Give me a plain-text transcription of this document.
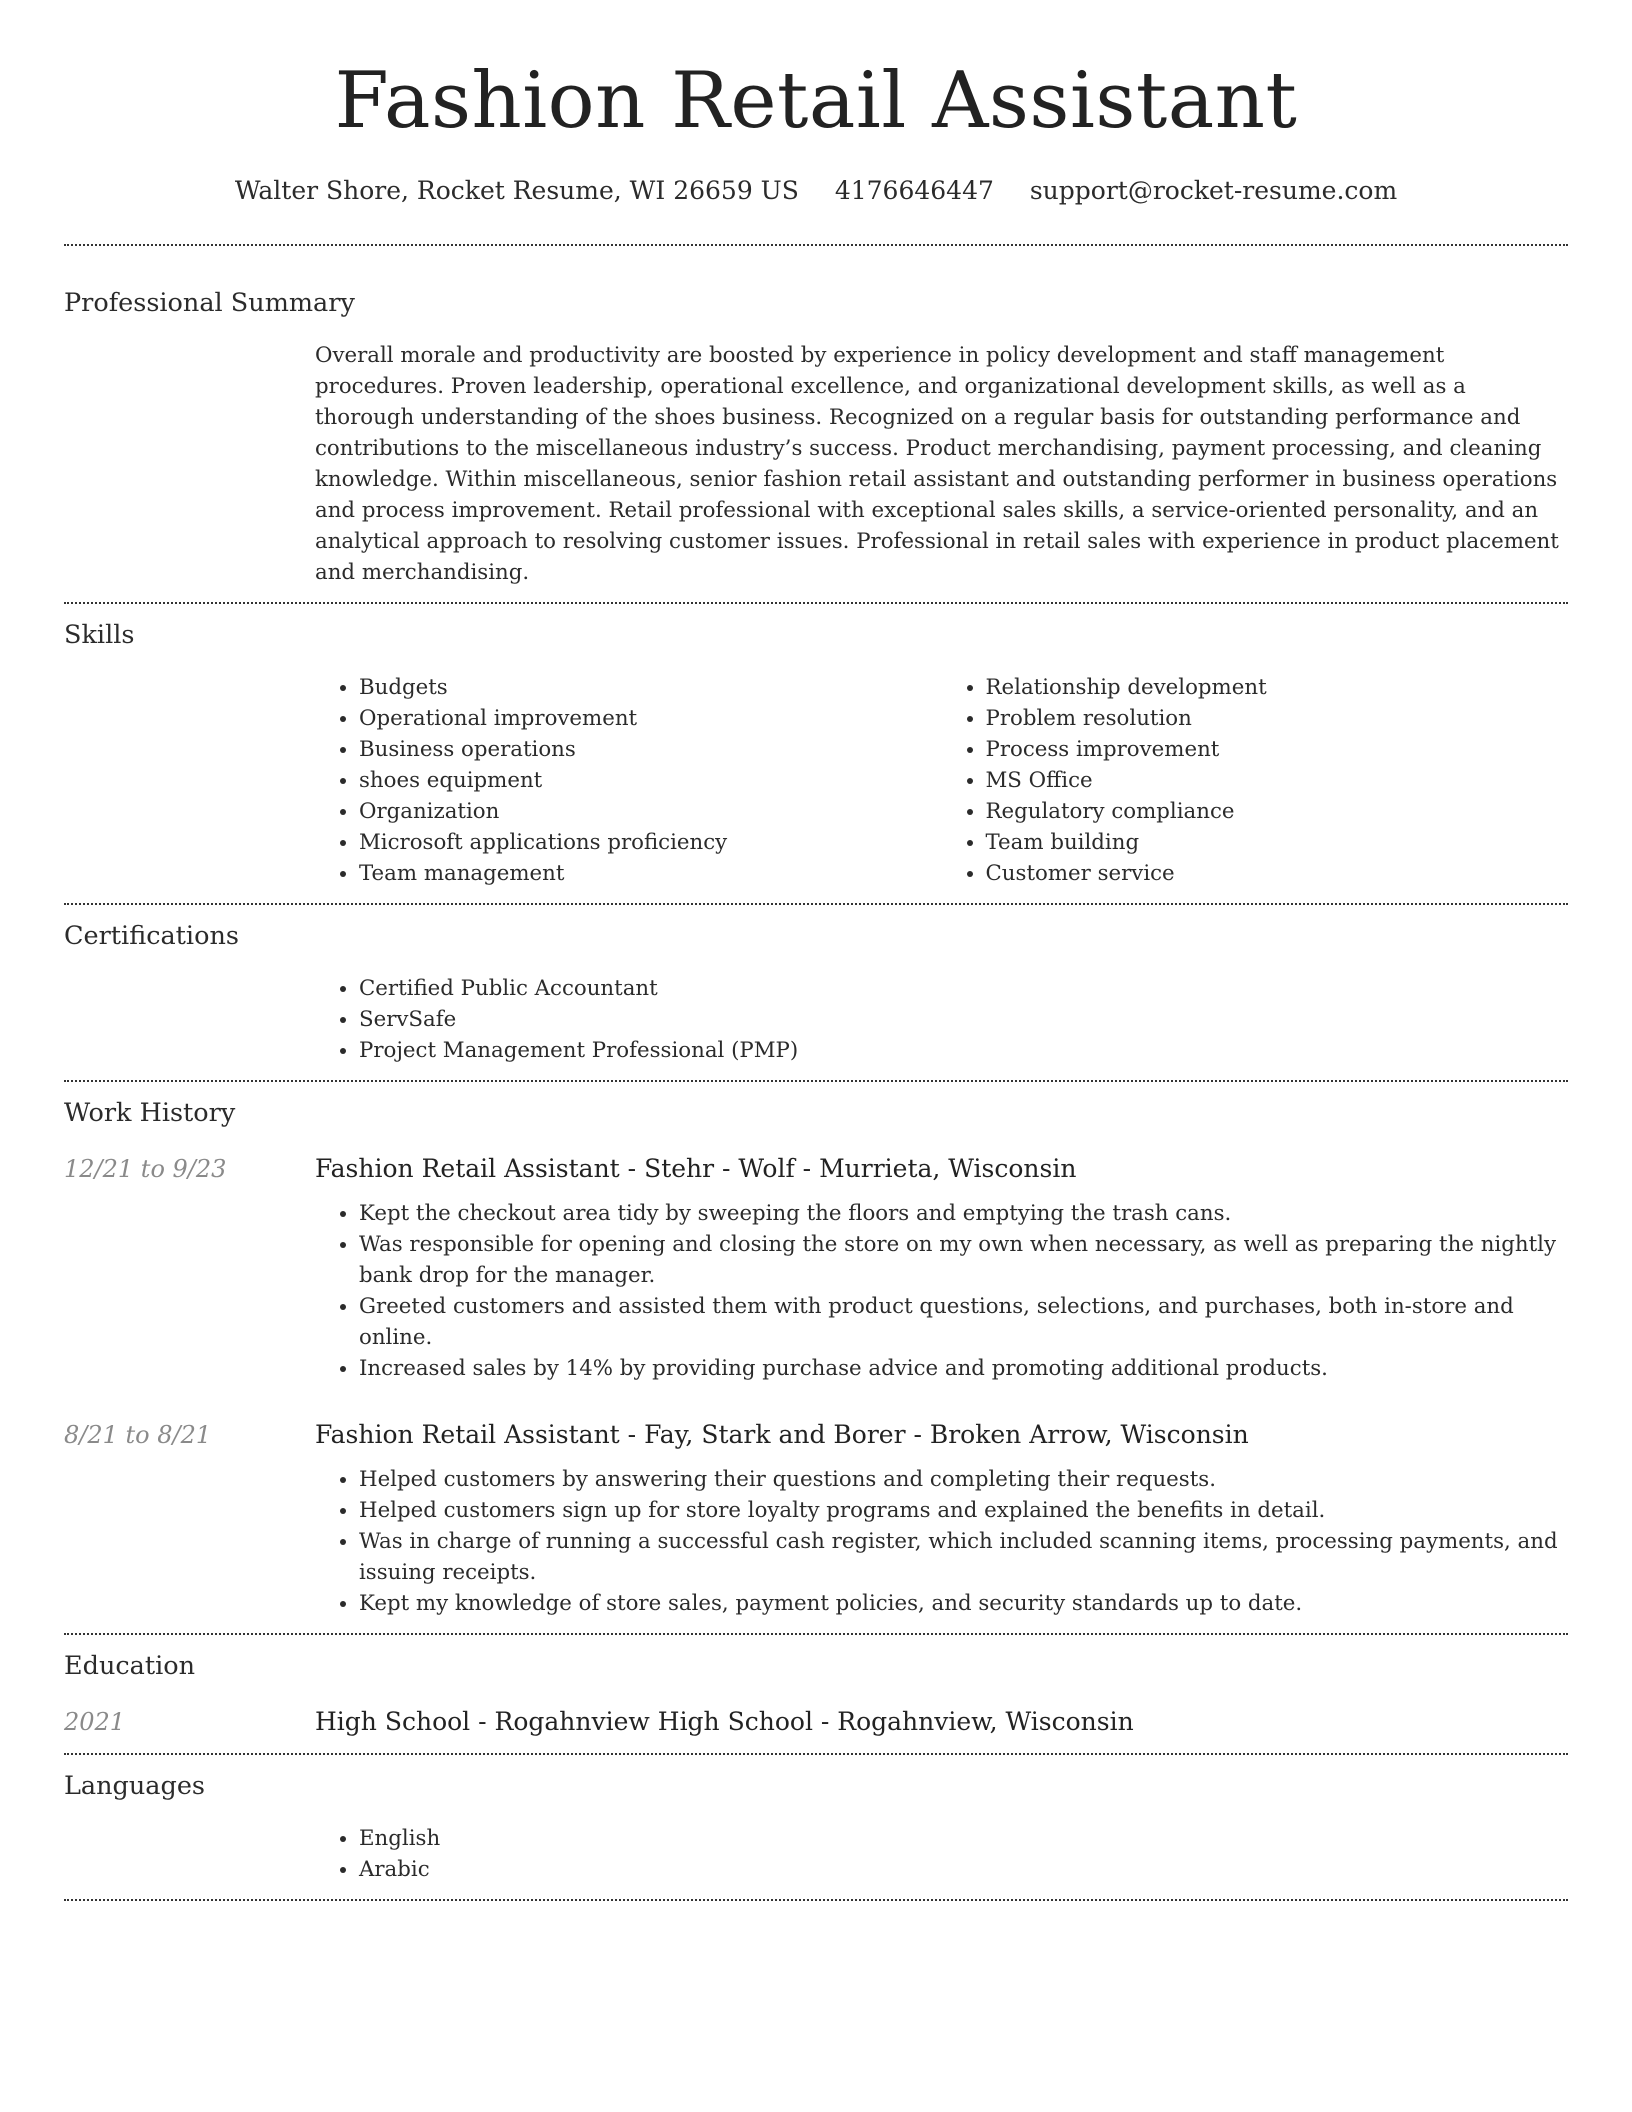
Fashion Retail Assistant
Walter Shore, Rocket Resume, WI 26659 US 4176646447 support@rocket-resume.com
Professional Summary
Overall morale and productivity are boosted by experience in policy development and staff management procedures. Proven leadership, operational excellence, and organizational development skills, as well as a thorough understanding of the shoes business. Recognized on a regular basis for outstanding performance and contributions to the miscellaneous industry’s success. Product merchandising, payment processing, and cleaning knowledge. Within miscellaneous, senior fashion retail assistant and outstanding performer in business operations and process improvement. Retail professional with exceptional sales skills, a service-oriented personality, and an analytical approach to resolving customer issues. Professional in retail sales with experience in product placement and merchandising.
Skills
• Budgets
• Operational improvement
• Business operations
• shoes equipment
• Organization
• Microsoft applications proficiency
• Team management
• Relationship development
• Problem resolution
• Process improvement
• MS Office
• Regulatory compliance
• Team building
• Customer service
Certifications
• Certified Public Accountant
• ServSafe
• Project Management Professional (PMP)
Work History
12/21 to 9/23	Fashion Retail Assistant - Stehr - Wolf - Murrieta, Wisconsin

• Kept the checkout area tidy by sweeping the floors and emptying the trash cans.
• Was responsible for opening and closing the store on my own when necessary, as well as preparing the nightly bank drop for the manager.
• Greeted customers and assisted them with product questions, selections, and purchases, both in-store and online.
• Increased sales by 14% by providing purchase advice and promoting additional products.
8/21 to 8/21	Fashion Retail Assistant - Fay, Stark and Borer - Broken Arrow, Wisconsin

• Helped customers by answering their questions and completing their requests.
• Helped customers sign up for store loyalty programs and explained the benefits in detail.
• Was in charge of running a successful cash register, which included scanning items, processing payments, and issuing receipts.
• Kept my knowledge of store sales, payment policies, and security standards up to date.
Education
2021	High School - Rogahnview High School - Rogahnview, Wisconsin

Languages
• English
• Arabic
